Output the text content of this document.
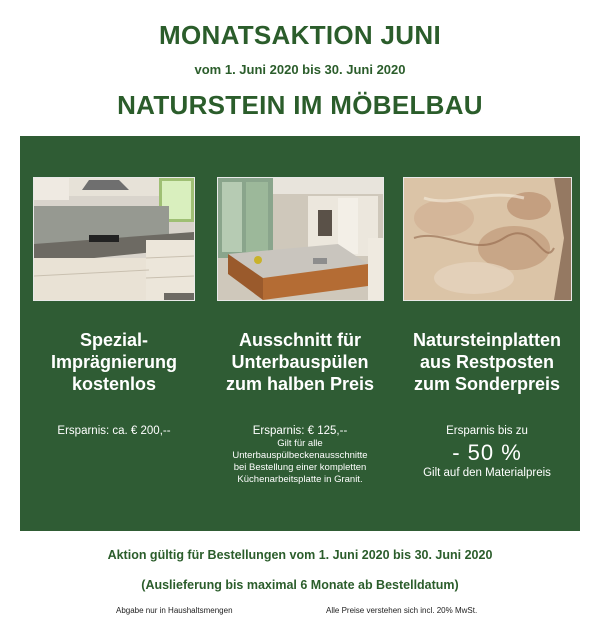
MONATSAKTION JUNI
vom 1. Juni 2020 bis 30. Juni 2020
NATURSTEIN IM MÖBELBAU
Spezial-
Imprägnierung
kostenlos
Ersparnis: ca. € 200,--
Ausschnitt für
Unterbauspülen
zum halben Preis
Ersparnis: € 125,--
Gilt für alle
Unterbauspülbeckenausschnitte
bei Bestellung einer kompletten
Küchenarbeitsplatte in Granit.
Natursteinplatten
aus Restposten
zum Sonderpreis
Ersparnis bis zu
- 50 %
Gilt auf den Materialpreis
Aktion gültig für Bestellungen vom 1. Juni 2020 bis 30. Juni 2020
(Auslieferung bis maximal 6 Monate ab Bestelldatum)
Abgabe nur in Haushaltsmengen	Alle Preise verstehen sich incl. 20% MwSt.
